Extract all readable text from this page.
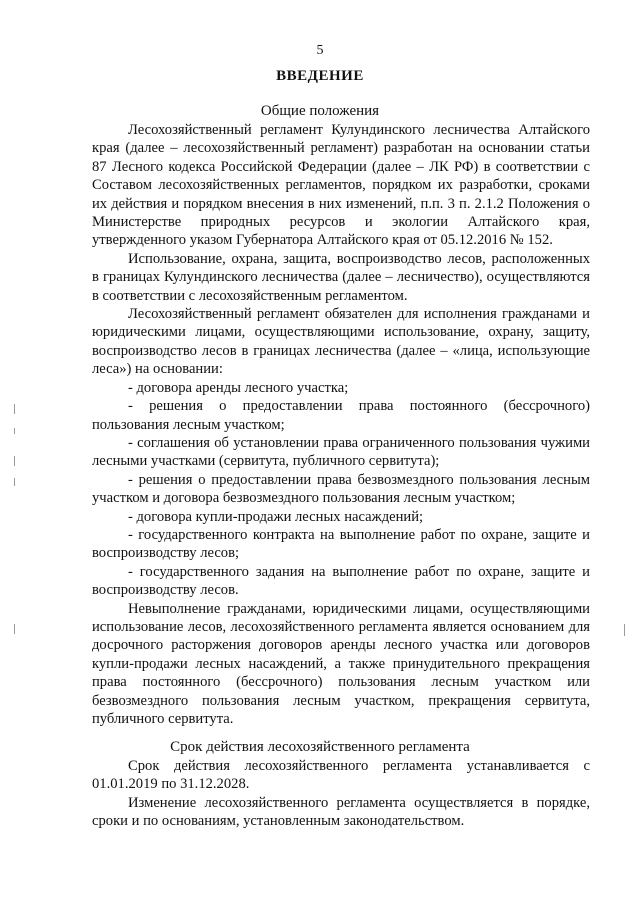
5
ВВЕДЕНИЕ
Общие положения

Лесохозяйственный регламент Кулундинского лесничества Алтайского края (далее – лесохозяйственный регламент) разработан на основании статьи 87 Лесного кодекса Российской Федерации (далее – ЛК РФ) в соответствии с Составом лесохозяйственных регламентов, порядком их разработки, сроками их действия и порядком внесения в них изменений, п.п. 3 п. 2.1.2 Положения о Министерстве природных ресурсов и экологии Алтайского края, утвержденного указом Губернатора Алтайского края от 05.12.2016 № 152.

Использование, охрана, защита, воспроизводство лесов, расположенных в границах Кулундинского лесничества (далее – лесничество), осуществляются в соответствии с лесохозяйственным регламентом.

Лесохозяйственный регламент обязателен для исполнения гражданами и юридическими лицами, осуществляющими использование, охрану, защиту, воспроизводство лесов в границах лесничества (далее – «лица, использующие леса») на основании:

- договора аренды лесного участка;

- решения о предоставлении права постоянного (бессрочного) пользования лесным участком;

- соглашения об установлении права ограниченного пользования чужими лесными участками (сервитута, публичного сервитута);

- решения о предоставлении права безвозмездного пользования лесным участком и договора безвозмездного пользования лесным участком;

- договора купли-продажи лесных насаждений;

- государственного контракта на выполнение работ по охране, защите и воспроизводству лесов;

- государственного задания на выполнение работ по охране, защите и воспроизводству лесов.

Невыполнение гражданами, юридическими лицами, осуществляющими использование лесов, лесохозяйственного регламента является основанием для досрочного расторжения договоров аренды лесного участка или договоров купли-продажи лесных насаждений, а также принудительного прекращения права постоянного (бессрочного) пользования лесным участком или безвозмездного пользования лесным участком, прекращения сервитута, публичного сервитута.

Срок действия лесохозяйственного регламента

Срок действия лесохозяйственного регламента устанавливается с 01.01.2019 по 31.12.2028.

Изменение лесохозяйственного регламента осуществляется в порядке, сроки и по основаниям, установленным законодательством.
